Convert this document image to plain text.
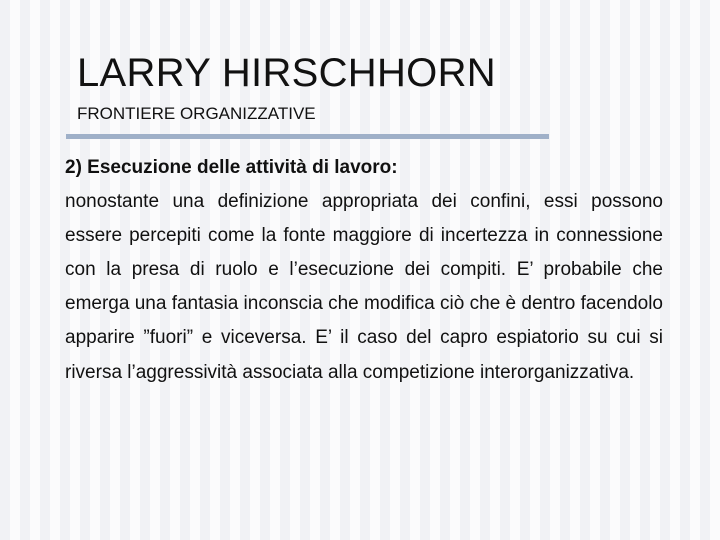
LARRY HIRSCHHORN
FRONTIERE ORGANIZZATIVE
2) Esecuzione delle attività di lavoro:
nonostante una definizione appropriata dei confini, essi possono essere percepiti come la fonte maggiore di incertezza in connessione con la presa di ruolo e l’esecuzione dei compiti. E’ probabile che emerga una fantasia inconscia che modifica ciò che è dentro facendolo apparire ”fuori” e viceversa. E’ il caso del capro espiatorio su cui si riversa l’aggressività associata alla competizione interorganizzativa.
